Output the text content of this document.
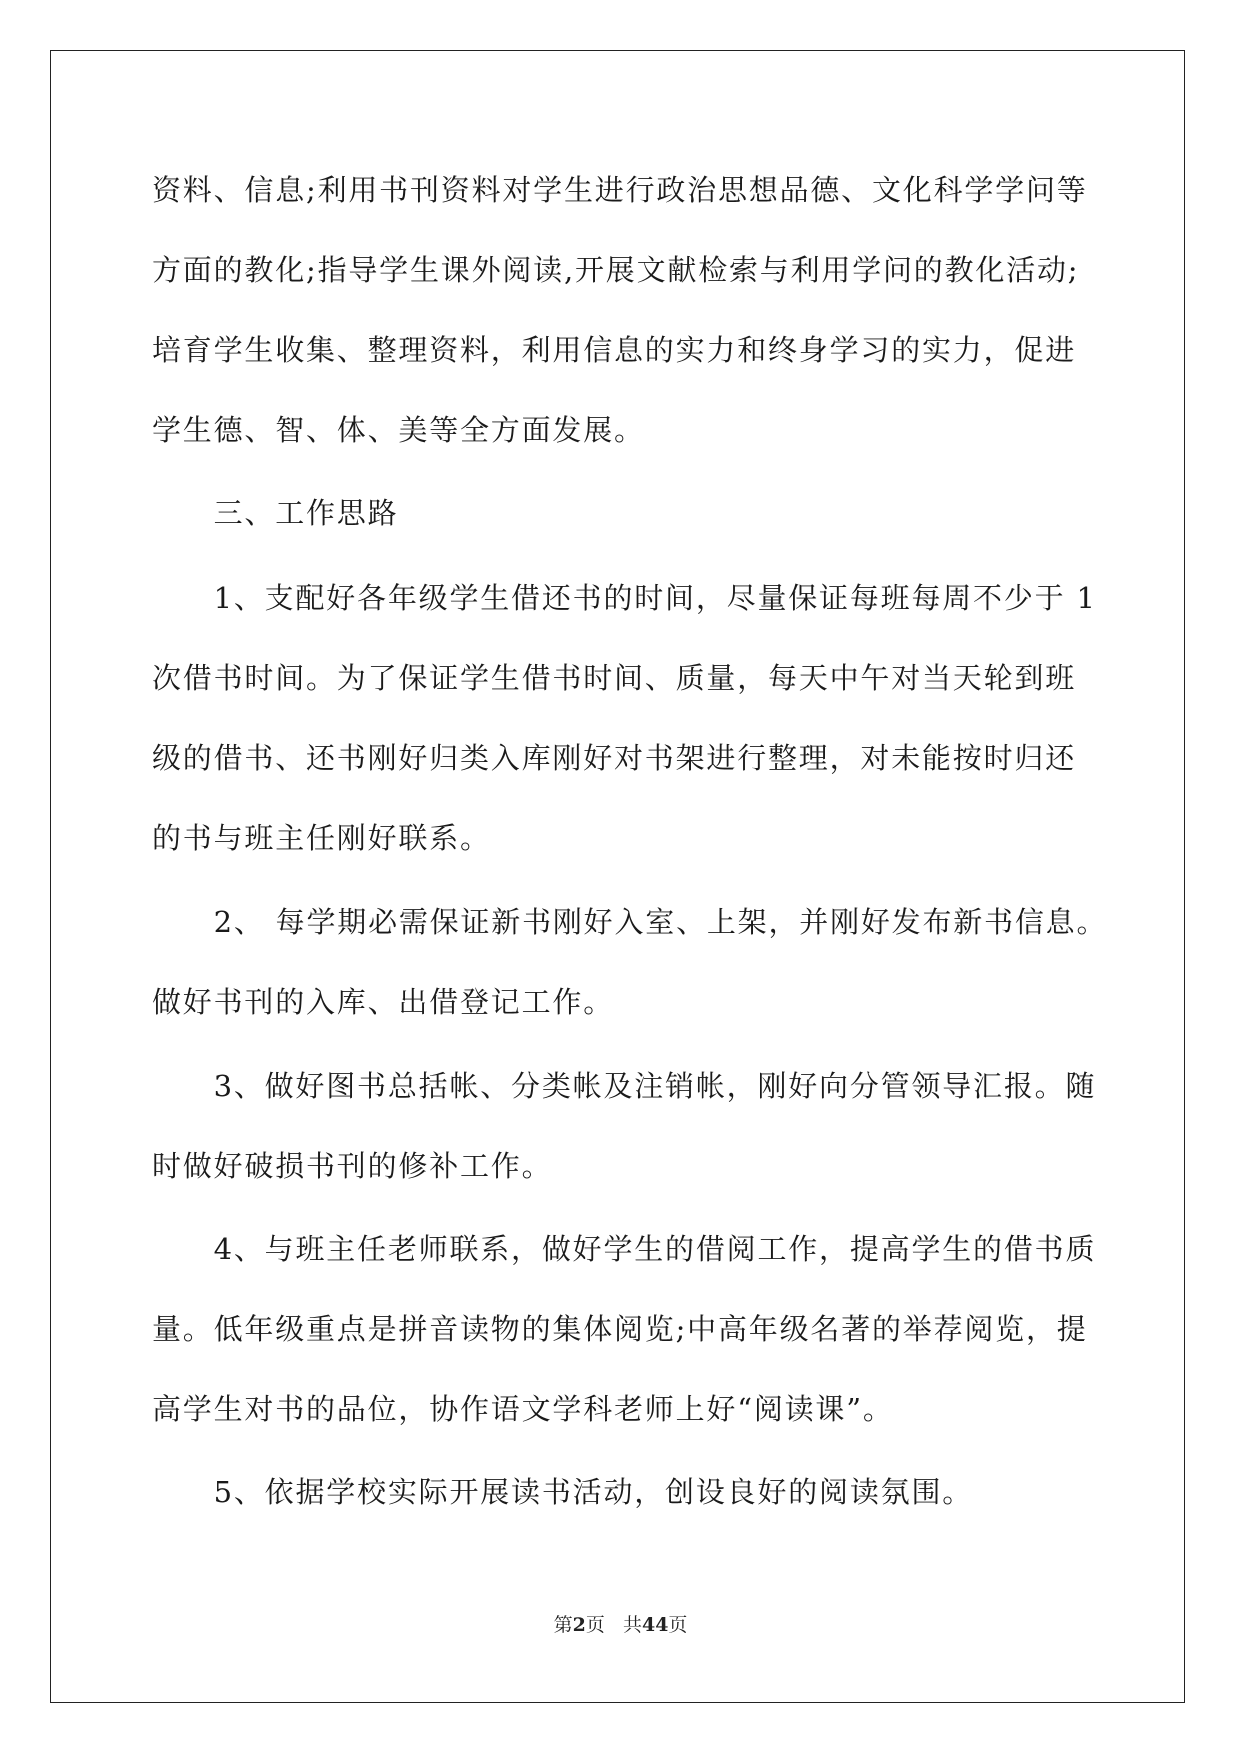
资料、信息;利用书刊资料对学生进行政治思想品德、文化科学学问等
方面的教化;指导学生课外阅读,开展文献检索与利用学问的教化活动;
培育学生收集、整理资料，利用信息的实力和终身学习的实力，促进
学生德、智、体、美等全方面发展。
　　三、工作思路
　　1、支配好各年级学生借还书的时间，尽量保证每班每周不少于 1
次借书时间。为了保证学生借书时间、质量，每天中午对当天轮到班
级的借书、还书刚好归类入库刚好对书架进行整理，对未能按时归还
的书与班主任刚好联系。
　　2、 每学期必需保证新书刚好入室、上架，并刚好发布新书信息。
做好书刊的入库、出借登记工作。
　　3、做好图书总括帐、分类帐及注销帐，刚好向分管领导汇报。随
时做好破损书刊的修补工作。
　　4、与班主任老师联系，做好学生的借阅工作，提高学生的借书质
量。低年级重点是拼音读物的集体阅览;中高年级名著的举荐阅览，提
高学生对书的品位，协作语文学科老师上好“阅读课”。
　　5、依据学校实际开展读书活动，创设良好的阅读氛围。
第2页 共44页
